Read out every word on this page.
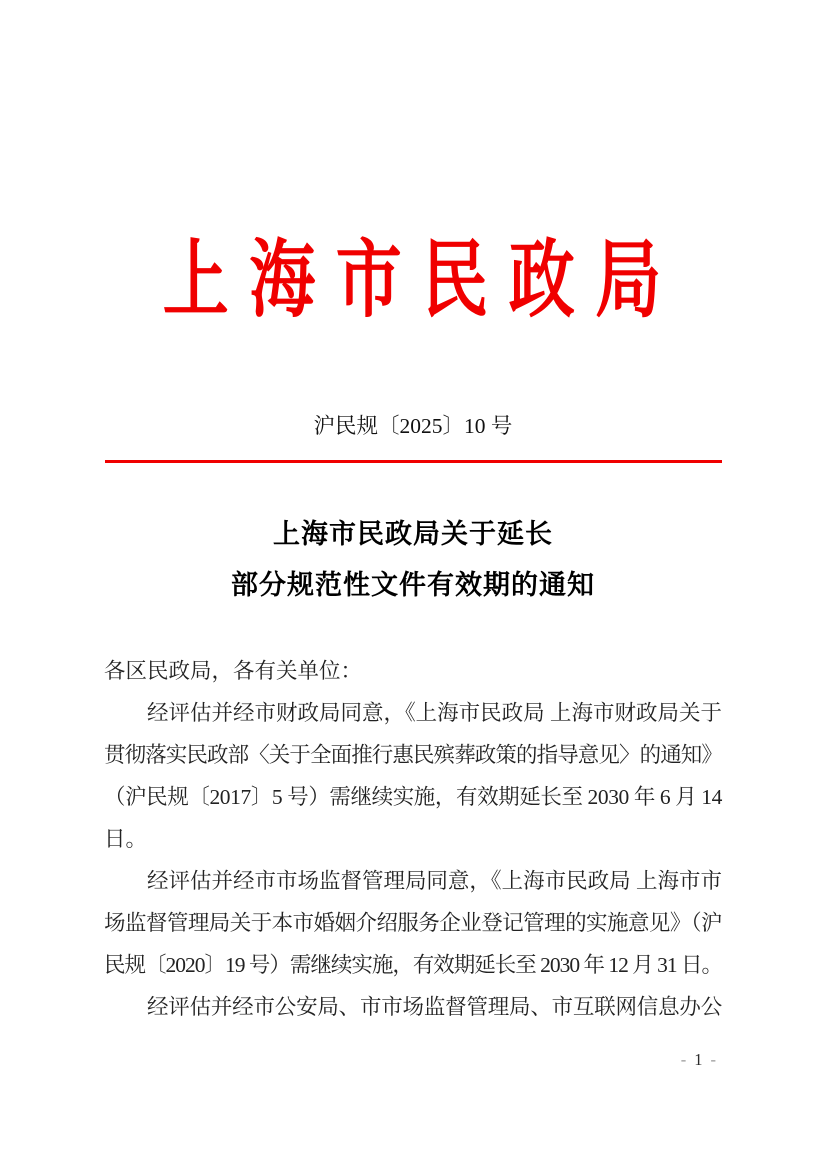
上 海 市 民 政 局
沪民规〔2025〕10 号
上海市民政局关于延长
部分规范性文件有效期的通知
各区民政局，各有关单位：
经评估并经市财政局同意，《上海市民政局 上海市财政局关于
贯彻落实民政部〈关于全面推行惠民殡葬政策的指导意见〉的通知》
（沪民规〔2017〕5 号）需继续实施，有效期延长至 2030 年 6 月 14
日。
经评估并经市市场监督管理局同意，《上海市民政局 上海市市
场监督管理局关于本市婚姻介绍服务企业登记管理的实施意见》（沪
民规〔2020〕19 号）需继续实施，有效期延长至 2030 年 12 月 31 日。
经评估并经市公安局、市市场监督管理局、市互联网信息办公
- 1 -
